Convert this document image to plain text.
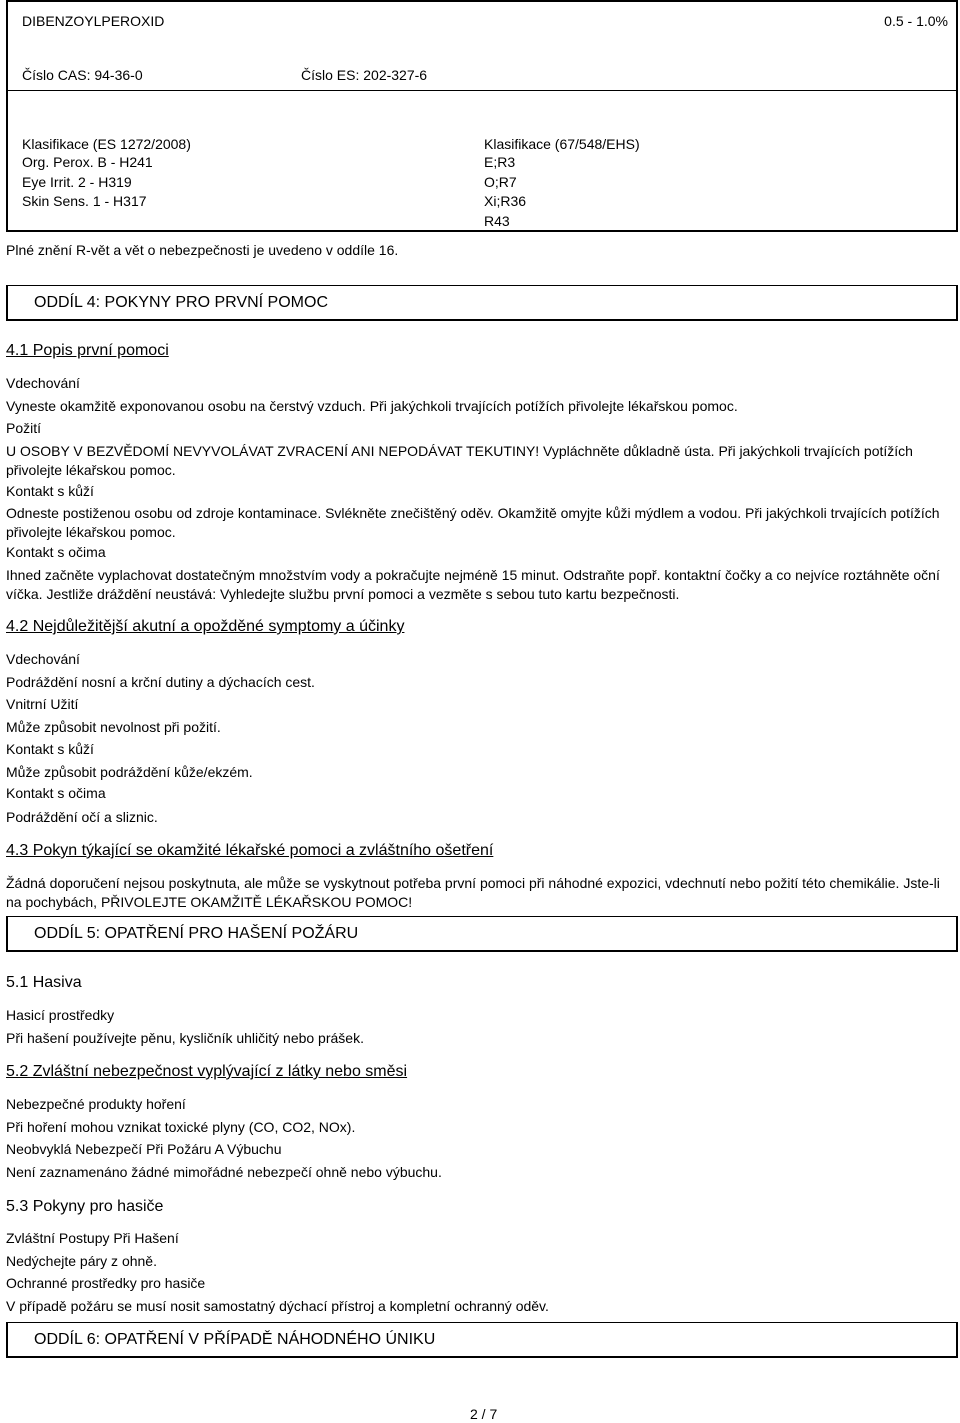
DIBENZOYLPEROXID	0.5 - 1.0%
Číslo CAS: 94-36-0	Číslo ES: 202-327-6
Klasifikace (ES 1272/2008)
Org. Perox. B - H241
Eye Irrit. 2 - H319
Skin Sens. 1 - H317
Klasifikace (67/548/EHS)
E;R3
O;R7
Xi;R36
R43
Plné znění R-vět a vět o nebezpečnosti je uvedeno v oddíle 16.
ODDÍL 4: POKYNY PRO PRVNÍ POMOC
4.1 Popis první pomoci
Vdechování
Vyneste okamžitě exponovanou osobu na čerstvý vzduch. Při jakýchkoli trvajících potížích přivolejte lékařskou pomoc.
Požití
U OSOBY V BEZVĚDOMÍ NEVYVOLÁVAT ZVRACENÍ ANI NEPODÁVAT TEKUTINY! Vypláchněte důkladně ústa. Při jakýchkoli trvajících potížích přivolejte lékařskou pomoc.
Kontakt s kůží
Odneste postiženou osobu od zdroje kontaminace. Svlékněte znečištěný oděv. Okamžitě omyjte kůži mýdlem a vodou. Při jakýchkoli trvajících potížích přivolejte lékařskou pomoc.
Kontakt s očima
Ihned začněte vyplachovat dostatečným množstvím vody a pokračujte nejméně 15 minut. Odstraňte popř. kontaktní čočky a co nejvíce roztáhněte oční víčka. Jestliže dráždění neustává: Vyhledejte službu první pomoci a vezměte s sebou tuto kartu bezpečnosti.
4.2 Nejdůležitější akutní a opožděné symptomy a účinky
Vdechování
Podráždění nosní a krční dutiny a dýchacích cest.
Vnitrní Užití
Může způsobit nevolnost při požití.
Kontakt s kůží
Může způsobit podráždění kůže/ekzém.
Kontakt s očima
Podráždění očí a sliznic.
4.3 Pokyn týkající se okamžité lékařské pomoci a zvláštního ošetření
Žádná doporučení nejsou poskytnuta, ale může se vyskytnout potřeba první pomoci při náhodné expozici, vdechnutí nebo požití této chemikálie. Jste-li na pochybách, PŘIVOLEJTE OKAMŽITĚ LÉKAŘSKOU POMOC!
ODDÍL 5: OPATŘENÍ PRO HAŠENÍ POŽÁRU
5.1 Hasiva
Hasicí prostředky
Při hašení používejte pěnu, kysličník uhličitý nebo prášek.
5.2 Zvláštní nebezpečnost vyplývající z látky nebo směsi
Nebezpečné produkty hoření
Při hoření mohou vznikat toxické plyny (CO, CO2, NOx).
Neobvyklá Nebezpečí Při Požáru A Výbuchu
Není zaznamenáno žádné mimořádné nebezpečí ohně nebo výbuchu.
5.3 Pokyny pro hasiče
Zvláštní Postupy Při Hašení
Nedýchejte páry z ohně.
Ochranné prostředky pro hasiče
V případě požáru se musí nosit samostatný dýchací přístroj a kompletní ochranný oděv.
ODDÍL 6: OPATŘENÍ V PŘÍPADĚ NÁHODNÉHO ÚNIKU
2 / 7
